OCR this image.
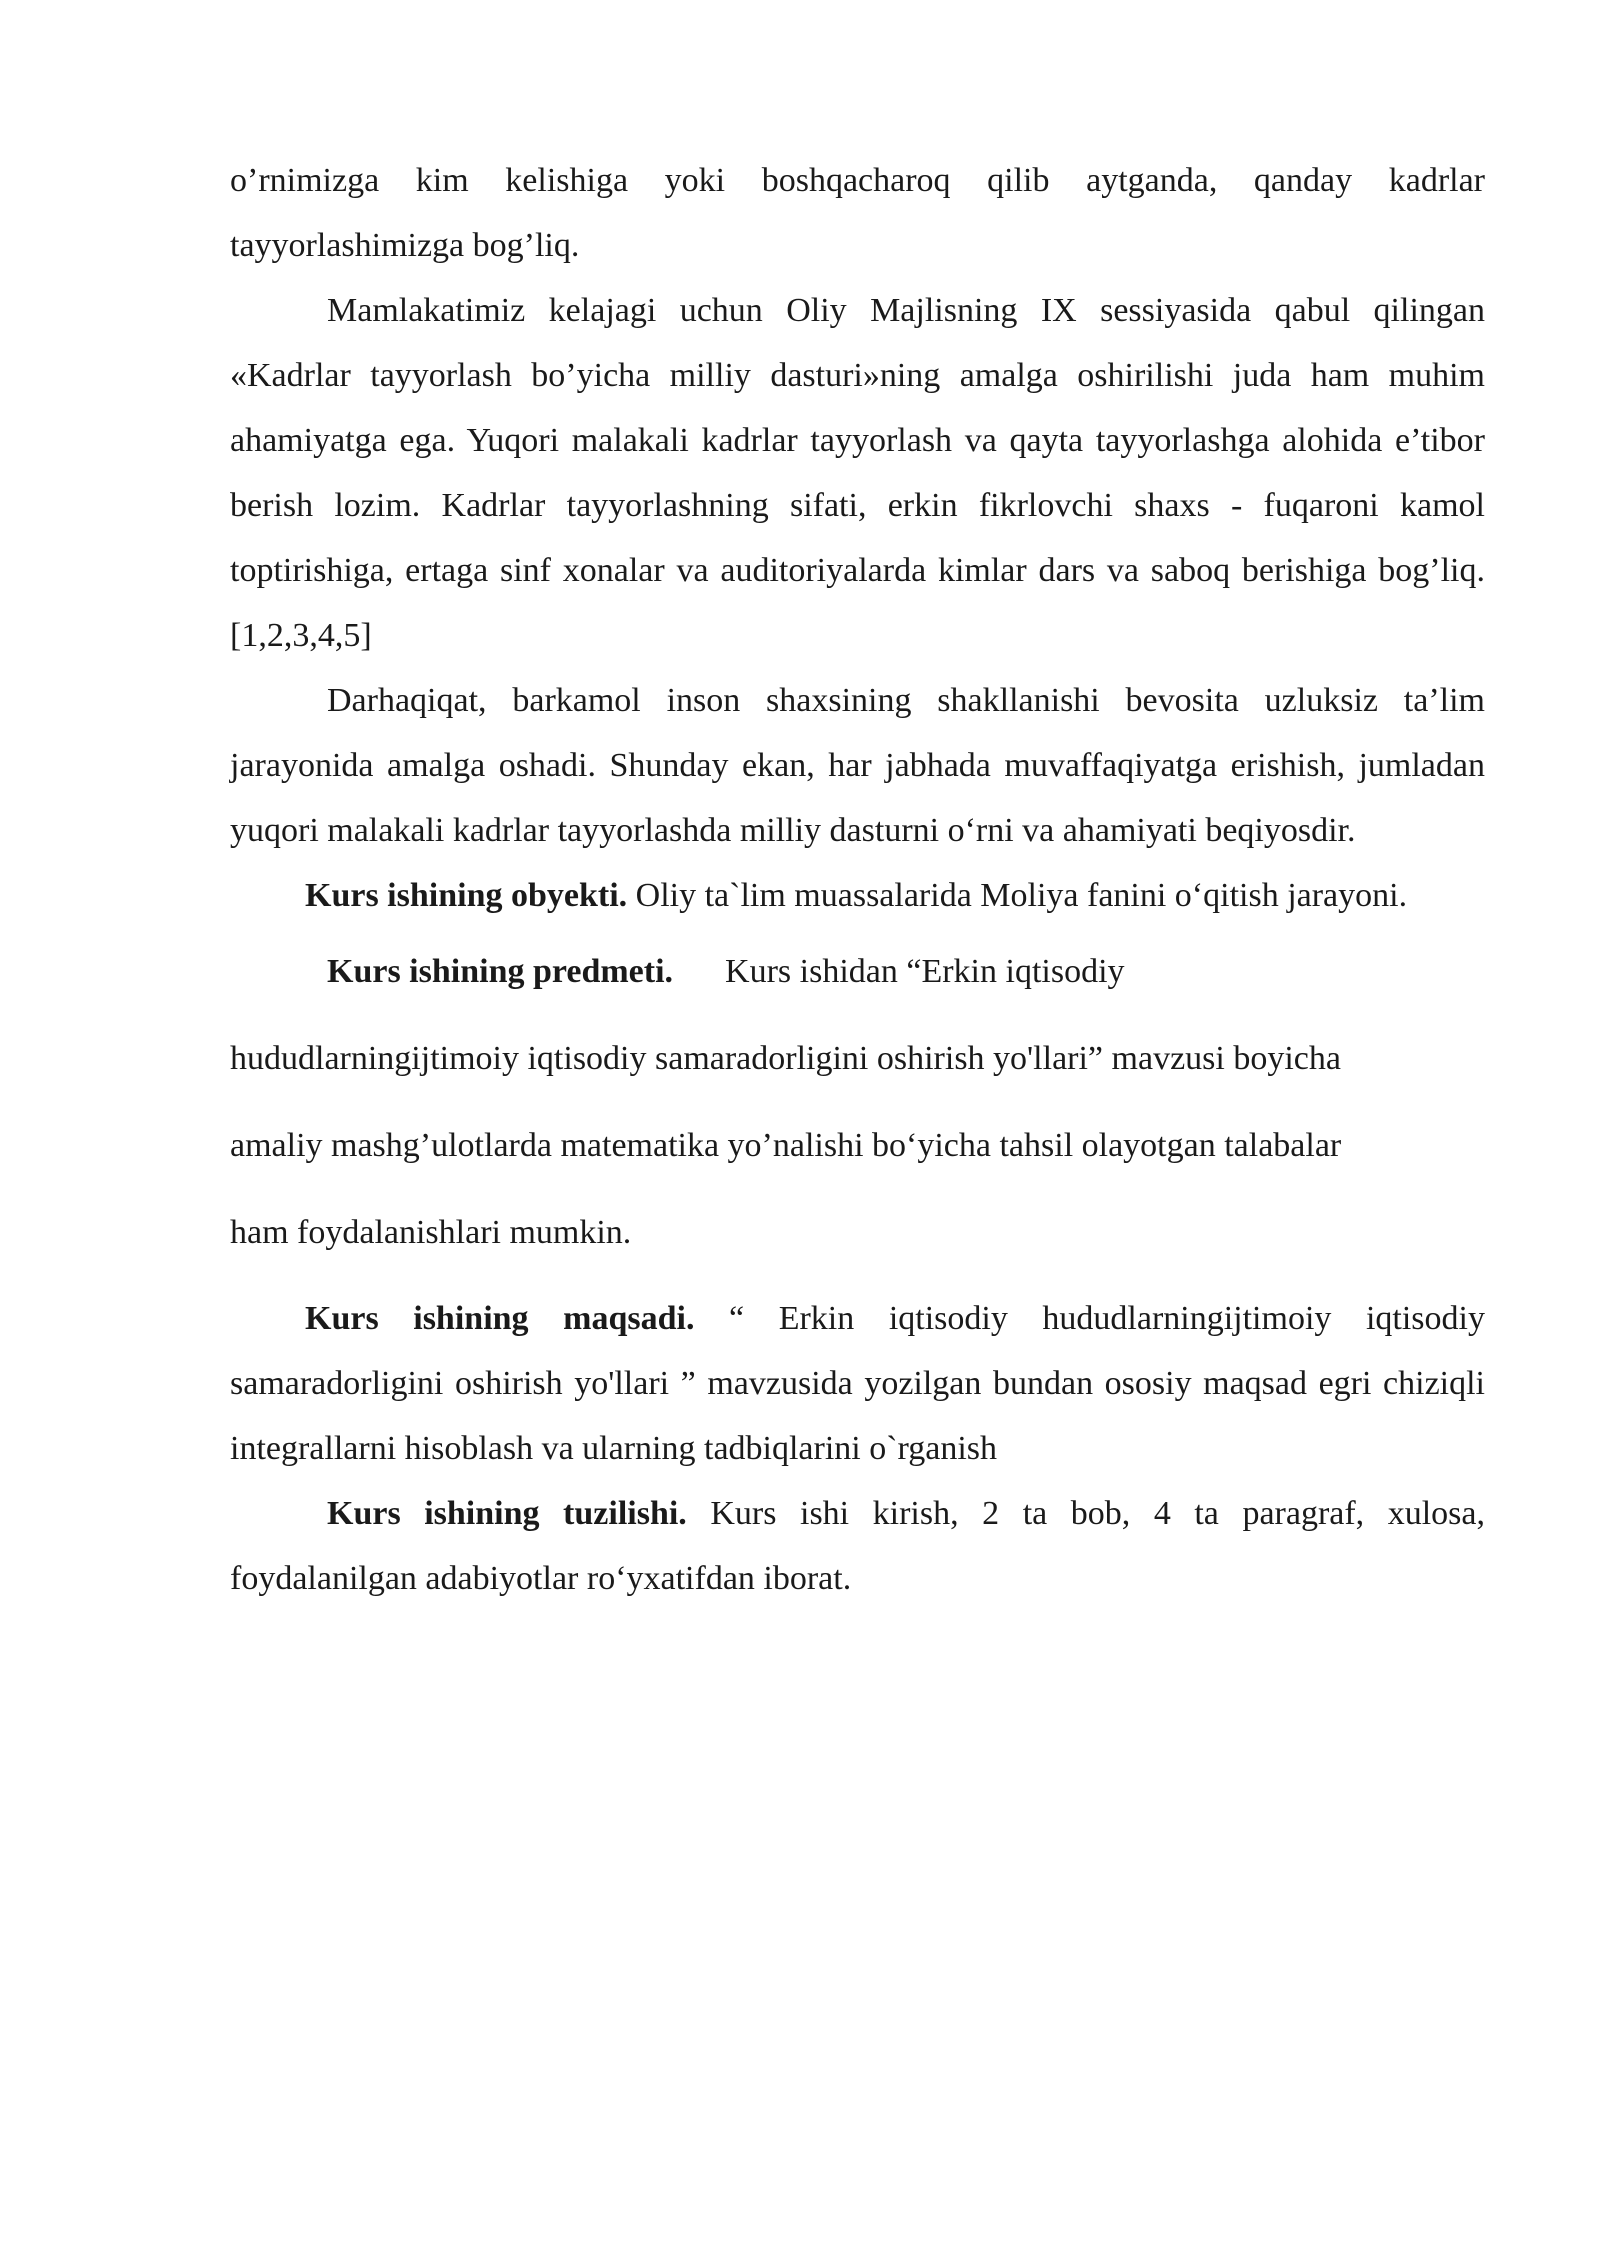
o’rnimizga kim kelishiga yoki boshqacharoq qilib aytganda, qanday kadrlar tayyorlashimizga bog’liq.

Mamlakatimiz kelajagi uchun Oliy Majlisning IX sessiyasida qabul qilingan «Kadrlar tayyorlash bo’yicha milliy dasturi»ning amalga oshirilishi juda ham muhim ahamiyatga ega. Yuqori malakali kadrlar tayyorlash va qayta tayyorlashga alohida e’tibor berish lozim. Kadrlar tayyorlashning sifati, erkin fikrlovchi shaxs - fuqaroni kamol toptirishiga, ertaga sinf xonalar va auditoriyalarda kimlar dars va saboq berishiga bog’liq. [1,2,3,4,5]

Darhaqiqat, barkamol inson shaxsining shakllanishi bevosita uzluksiz ta’lim jarayonida amalga oshadi. Shunday ekan, har jabhada muvaffaqiyatga erishish, jumladan yuqori malakali kadrlar tayyorlashda milliy dasturni o‘rni va ahamiyati beqiyosdir.

Kurs ishining obyekti. Oliy ta`lim muassalarida Moliya fanini o‘qitish jarayoni.

Kurs ishining predmeti. Kurs ishidan “Erkin iqtisodiy
hududlarningijtimoiy iqtisodiy samaradorligini oshirish yo'llari” mavzusi boyicha
amaliy mashg’ulotlarda matematika yo’nalishi bo‘yicha tahsil olayotgan talabalar
ham foydalanishlari mumkin.

Kurs ishining maqsadi. “ Erkin iqtisodiy hududlarningijtimoiy iqtisodiy samaradorligini oshirish yo'llari ” mavzusida yozilgan bundan ososiy maqsad egri chiziqli integrallarni hisoblash va ularning tadbiqlarini o`rganish

Kurs ishining tuzilishi. Kurs ishi kirish, 2 ta bob, 4 ta paragraf, xulosa, foydalanilgan adabiyotlar ro‘yxatifdan iborat.
